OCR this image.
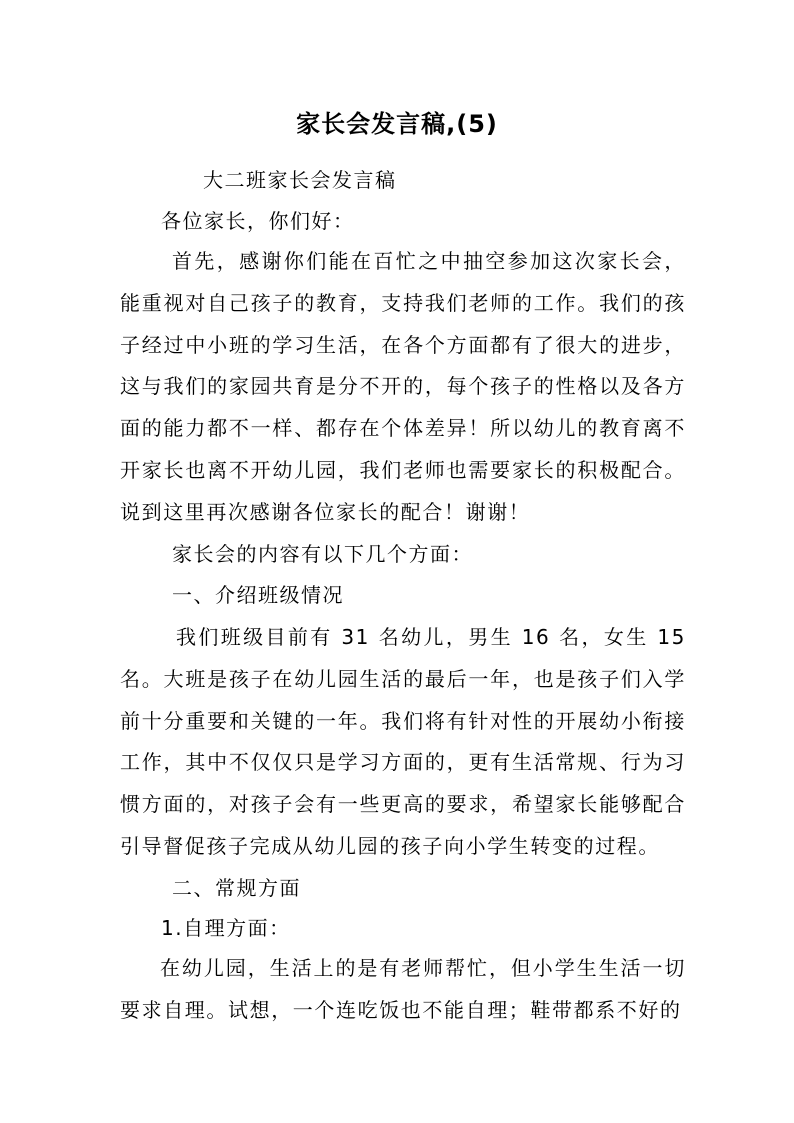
家长会发言稿,(5)

大二班家长会发言稿

各位家长，你们好：

首先，感谢你们能在百忙之中抽空参加这次家长会，能重视对自己孩子的教育，支持我们老师的工作。我们的孩子经过中小班的学习生活，在各个方面都有了很大的进步，这与我们的家园共育是分不开的，每个孩子的性格以及各方面的能力都不一样、都存在个体差异！所以幼儿的教育离不开家长也离不开幼儿园，我们老师也需要家长的积极配合。说到这里再次感谢各位家长的配合！谢谢！

家长会的内容有以下几个方面：

一、介绍班级情况

我们班级目前有 31 名幼儿，男生 16 名，女生 15 名。大班是孩子在幼儿园生活的最后一年，也是孩子们入学前十分重要和关键的一年。我们将有针对性的开展幼小衔接工作，其中不仅仅只是学习方面的，更有生活常规、行为习惯方面的，对孩子会有一些更高的要求，希望家长能够配合引导督促孩子完成从幼儿园的孩子向小学生转变的过程。

二、常规方面

1.自理方面：

在幼儿园，生活上的是有老师帮忙，但小学生生活一切要求自理。试想，一个连吃饭也不能自理；鞋带都系不好的
